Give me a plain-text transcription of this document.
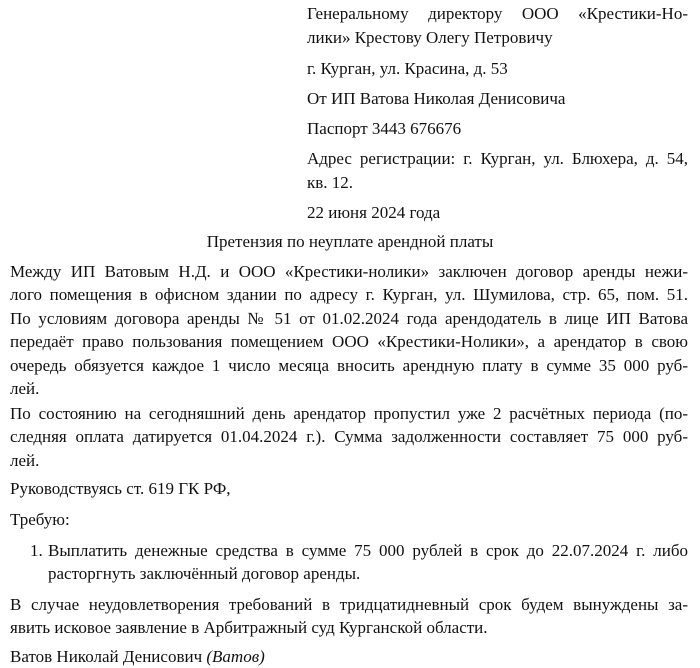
Генеральному директору ООО «Крестики-Но-

лики» Крестову Олегу Петровичу

г. Курган, ул. Красина, д. 53

От ИП Ватова Николая Денисовича

Паспорт 3443 676676

Адрес регистрации: г. Курган, ул. Блюхера, д. 54,

кв. 12.

22 июня 2024 года

Претензия по неуплате арендной платы

Между ИП Ватовым Н.Д. и ООО «Крестики-нолики» заключен договор аренды нежи-
лого помещения в офисном здании по адресу г. Курган, ул. Шумилова, стр. 65, пом. 51.
По условиям договора аренды № 51 от 01.02.2024 года арендодатель в лице ИП Ватова
передаёт право пользования помещением ООО «Крестики-Нолики», а арендатор в свою
очередь обязуется каждое 1 число месяца вносить арендную плату в сумме 35 000 руб-
лей.
По состоянию на сегодняшний день арендатор пропустил уже 2 расчётных периода (по-
следняя оплата датируется 01.04.2024 г.). Сумма задолженности составляет 75 000 руб-
лей.

Руководствуясь ст. 619 ГК РФ,

Требую:

1. Выплатить денежные средства в сумме 75 000 рублей в срок до 22.07.2024 г. либо
расторгнуть заключённый договор аренды.
В случае неудовлетворения требований в тридцатидневный срок будем вынуждены за-
явить исковое заявление в Арбитражный суд Курганской области.

Ватов Николай Денисович (Ватов)
